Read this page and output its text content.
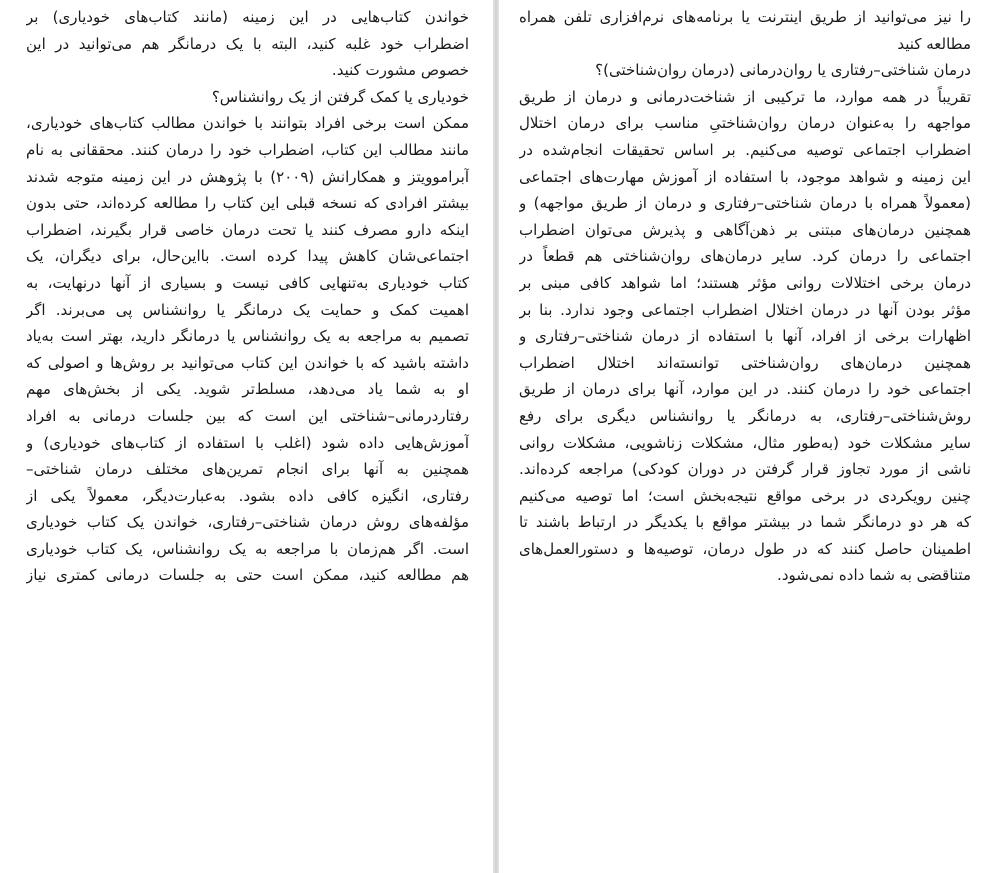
را نیز می‌توانید از طریق اینترنت یا برنامه‌های نرم‌افزاری تلفن همراه
مطالعه کنید
درمان شناختی–رفتاری یا روان‌درمانی (درمان روان‌شناختی)؟
تقریباً در همه موارد، ما ترکیبی از شناخت‌درمانی و درمان از طریق
مواجهه را به‌عنوان درمان روان‌شناختیِ مناسب برای درمان اختلال
اضطراب اجتماعی توصیه می‌کنیم. بر اساس تحقیقات انجام‌شده در
این زمینه و شواهد موجود، با استفاده از آموزش مهارت‌های اجتماعی
(معمولاً همراه با درمان شناختی–رفتاری و درمان از طریق مواجهه) و
همچنین درمان‌های مبتنی بر ذهن‌آگاهی و پذیرش می‌توان اضطراب
اجتماعی را درمان کرد. سایر درمان‌های روان‌شناختی هم قطعاً در
درمان برخی اختلالات روانی مؤثر هستند؛ اما شواهد کافی مبنی بر
مؤثر بودن آنها در درمان اختلال اضطراب اجتماعی وجود ندارد. بنا بر
اظهارات برخی از افراد، آنها با استفاده از درمان شناختی–رفتاری و
همچنین درمان‌های روان‌شناختی توانسته‌اند اختلال اضطراب
اجتماعی خود را درمان کنند. در این موارد، آنها برای درمان از طریق
روش‌شناختی–رفتاری، به درمانگر یا روانشناس دیگری برای رفع
سایر مشکلات خود (به‌طور مثال، مشکلات زناشویی، مشکلات روانی
ناشی از مورد تجاوز قرار گرفتن در دوران کودکی) مراجعه کرده‌اند.
چنین رویکردی در برخی مواقع نتیجه‌بخش است؛ اما توصیه می‌کنیم
که هر دو درمانگر شما در بیشتر مواقع با یکدیگر در ارتباط باشند تا
اطمینان حاصل کنند که در طول درمان، توصیه‌ها و دستورالعمل‌های
متناقضی به شما داده نمی‌شود.
خواندن کتاب‌هایی در این زمینه (مانند کتاب‌های خودیاری) بر
اضطراب خود غلبه کنید، البته با یک درمانگر هم می‌توانید در این
خصوص مشورت کنید.
خودیاری یا کمک گرفتن از یک روانشناس؟
ممکن است برخی افراد بتوانند با خواندن مطالب کتاب‌های خودیاری،
مانند مطالب این کتاب، اضطراب خود را درمان کنند. محققانی به نام
آبراموویتز و همکارانش (۲۰۰۹) با پژوهش در این زمینه متوجه شدند
بیشتر افرادی که نسخه قبلی این کتاب را مطالعه کرده‌اند، حتی بدون
اینکه دارو مصرف کنند یا تحت درمان خاصی قرار بگیرند، اضطراب
اجتماعی‌شان کاهش پیدا کرده است. بااین‌حال، برای دیگران، یک
کتاب خودیاری به‌تنهایی کافی نیست و بسیاری از آنها درنهایت، به
اهمیت کمک و حمایت یک درمانگر یا روانشناس پی می‌برند. اگر
تصمیم به مراجعه به یک روانشناس یا درمانگر دارید، بهتر است به‌یاد
داشته باشید که با خواندن این کتاب می‌توانید بر روش‌ها و اصولی که
او به شما یاد می‌دهد، مسلط‌تر شوید. یکی از بخش‌های مهم
رفتاردرمانی–شناختی این است که بین جلسات درمانی به افراد
آموزش‌هایی داده شود (اغلب با استفاده از کتاب‌های خودیاری) و
همچنین به آنها برای انجام تمرین‌های مختلف درمان شناختی–
رفتاری، انگیزه کافی داده بشود. به‌عبارت‌دیگر، معمولاً یکی از
مؤلفه‌های روش درمان شناختی–رفتاری، خواندن یک کتاب خودیاری
است. اگر هم‌زمان با مراجعه به یک روانشناس، یک کتاب خودیاری
هم مطالعه کنید، ممکن است حتی به جلسات درمانی کمتری نیاز
